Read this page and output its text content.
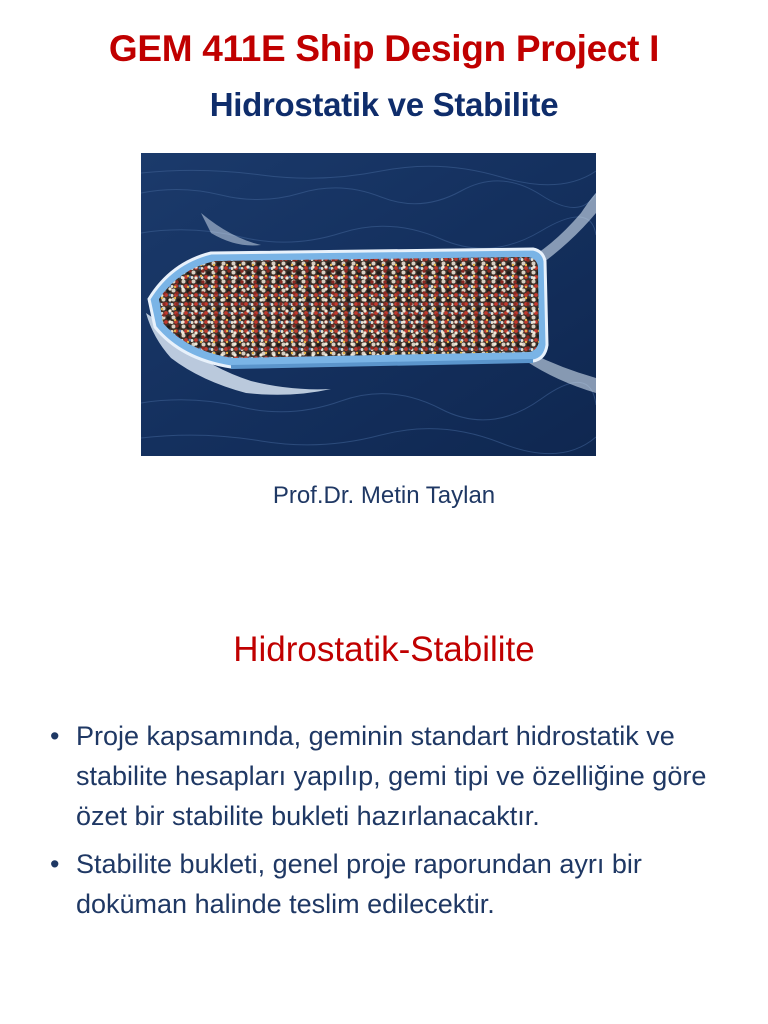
GEM 411E Ship Design Project I
Hidrostatik ve Stabilite
Prof.Dr. Metin Taylan
Hidrostatik-Stabilite
• Proje kapsamında, geminin standart hidrostatik ve stabilite hesapları yapılıp, gemi tipi ve özelliğine göre özet bir stabilite bukleti hazırlanacaktır.
• Stabilite bukleti, genel proje raporundan ayrı bir doküman halinde teslim edilecektir.
